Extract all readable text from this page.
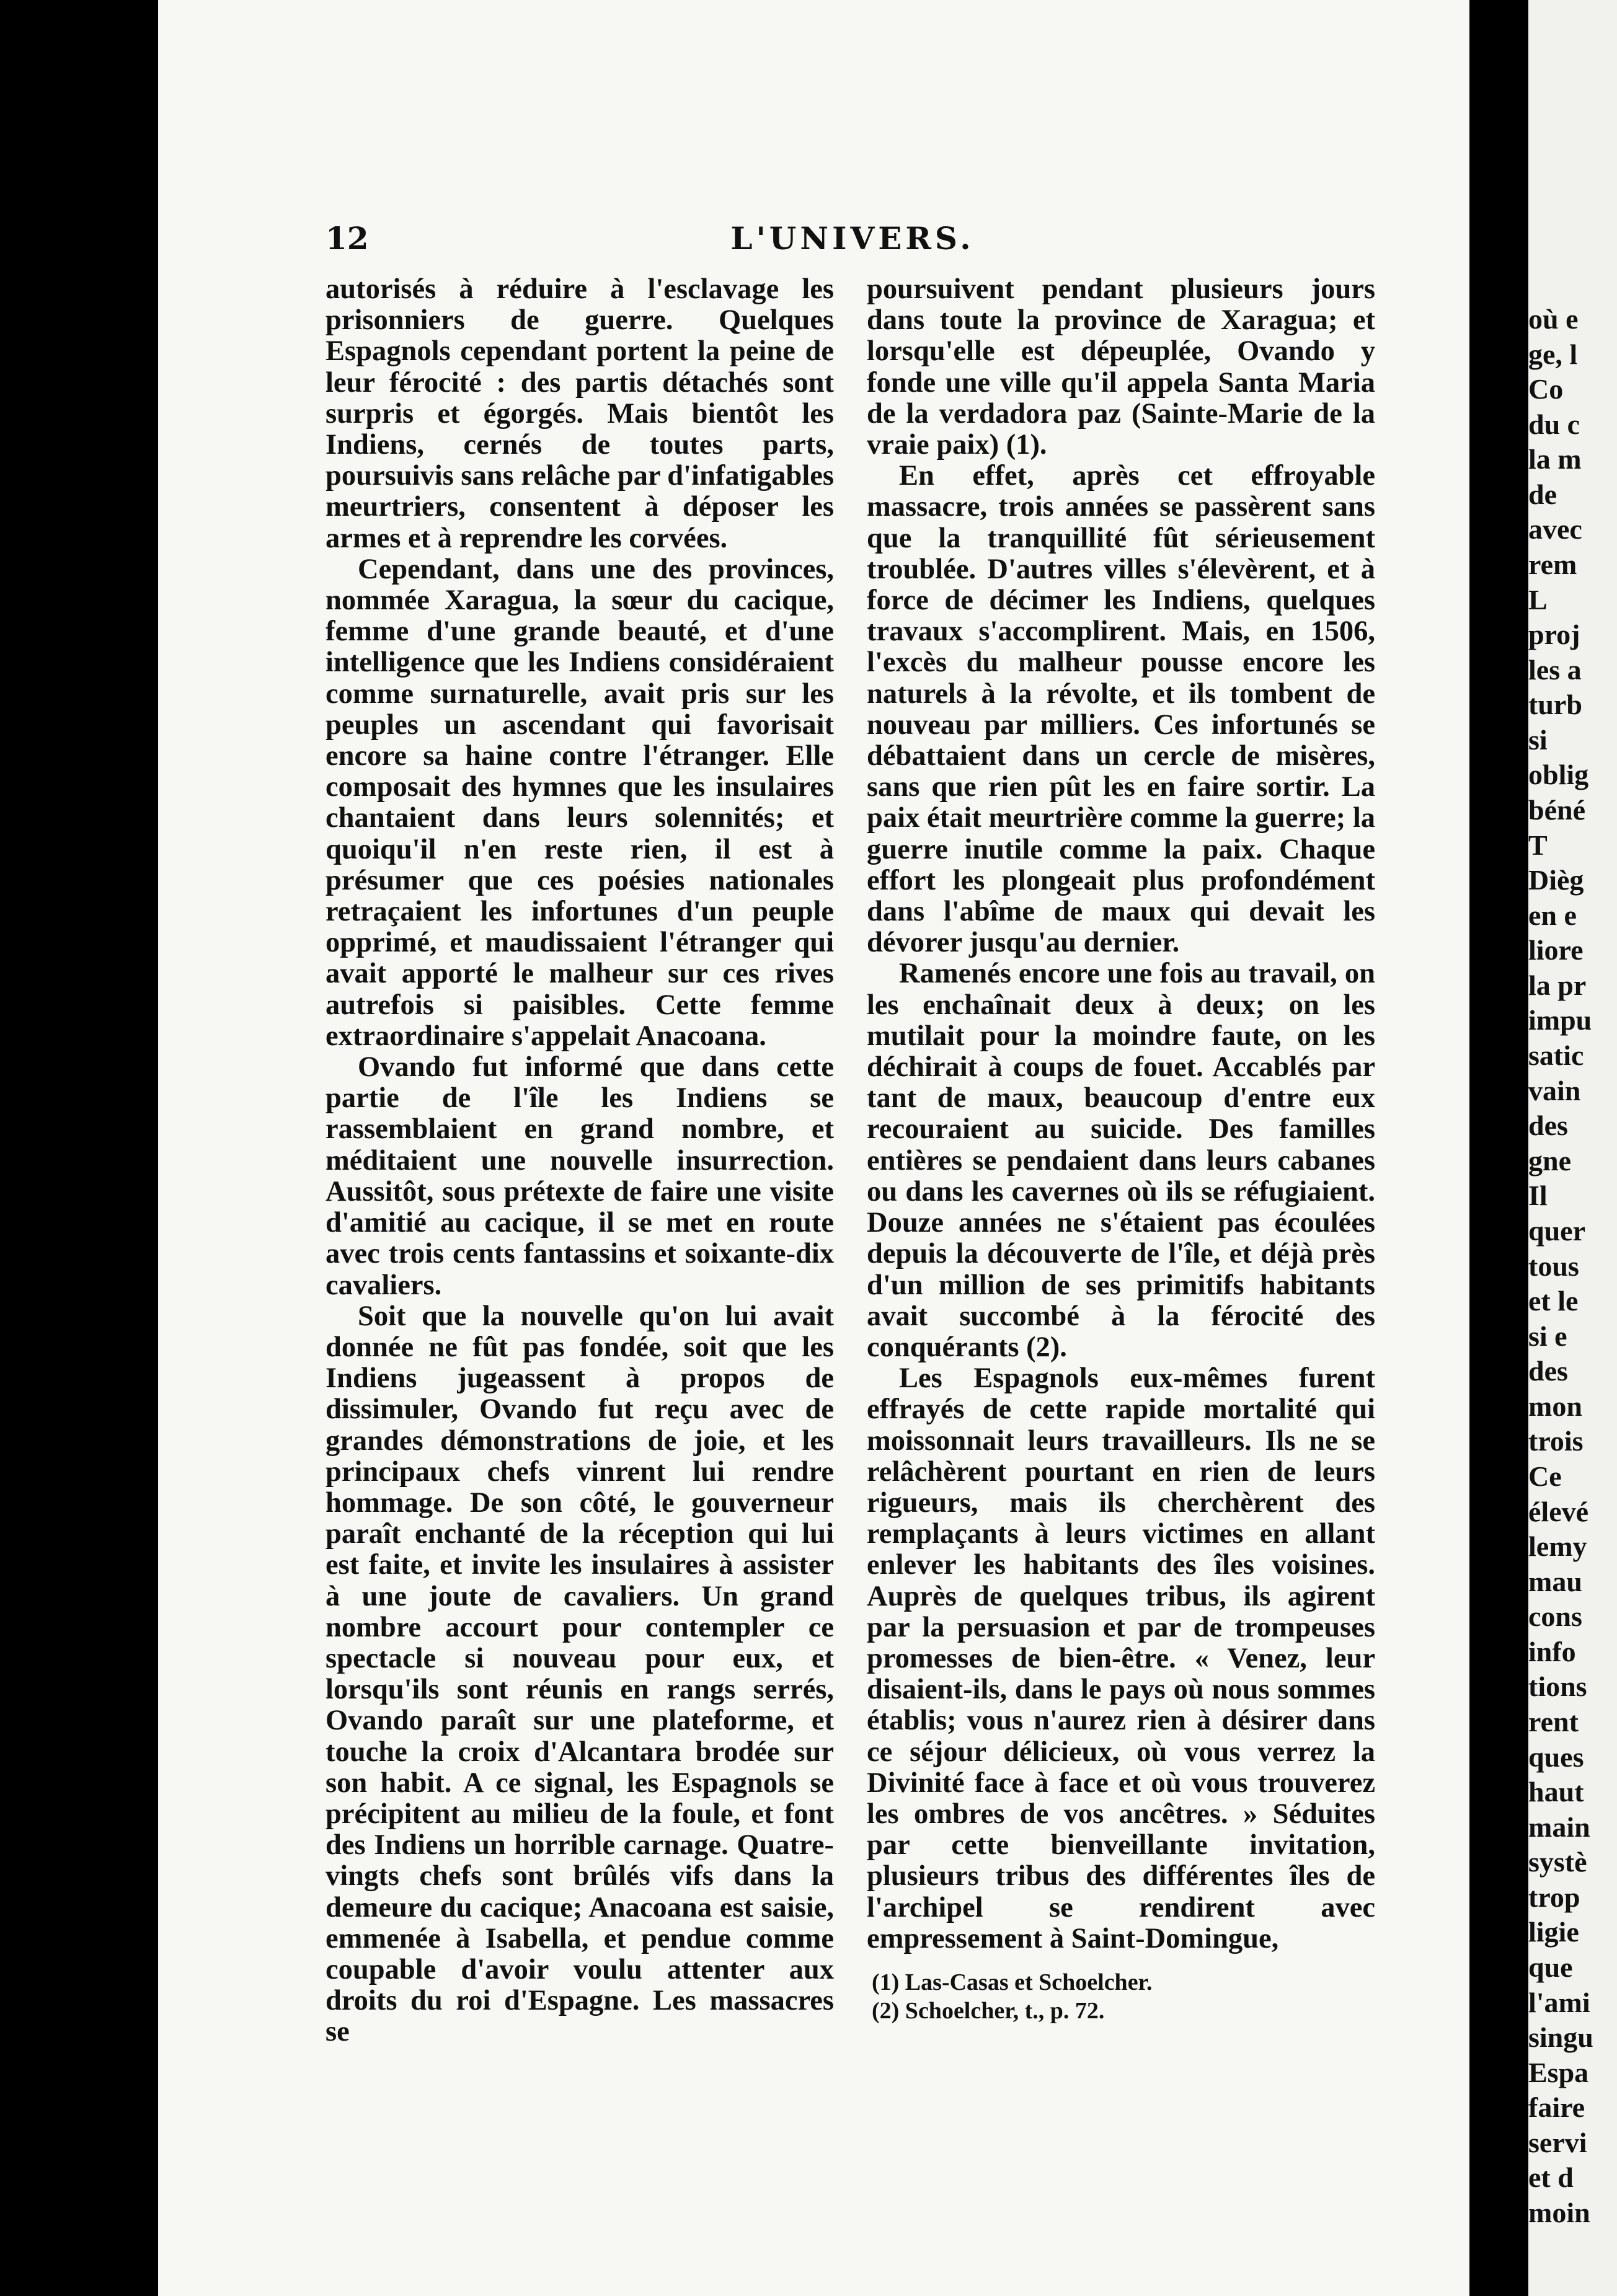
12	L'UNIVERS.

autorisés à réduire à l'esclavage les prisonniers de guerre. Quelques Espagnols cependant portent la peine de leur férocité : des partis détachés sont surpris et égorgés. Mais bientôt les Indiens, cernés de toutes parts, poursuivis sans relâche par d'infatigables meurtriers, consentent à déposer les armes et à reprendre les corvées.

Cependant, dans une des provinces, nommée Xaragua, la sœur du cacique, femme d'une grande beauté, et d'une intelligence que les Indiens considéraient comme surnaturelle, avait pris sur les peuples un ascendant qui favorisait encore sa haine contre l'étranger. Elle composait des hymnes que les insulaires chantaient dans leurs solennités; et quoiqu'il n'en reste rien, il est à présumer que ces poésies nationales retraçaient les infortunes d'un peuple opprimé, et maudissaient l'étranger qui avait apporté le malheur sur ces rives autrefois si paisibles. Cette femme extraordinaire s'appelait Anacoana.

Ovando fut informé que dans cette partie de l'île les Indiens se rassemblaient en grand nombre, et méditaient une nouvelle insurrection. Aussitôt, sous prétexte de faire une visite d'amitié au cacique, il se met en route avec trois cents fantassins et soixante-dix cavaliers.

Soit que la nouvelle qu'on lui avait donnée ne fût pas fondée, soit que les Indiens jugeassent à propos de dissimuler, Ovando fut reçu avec de grandes démonstrations de joie, et les principaux chefs vinrent lui rendre hommage. De son côté, le gouverneur paraît enchanté de la réception qui lui est faite, et invite les insulaires à assister à une joute de cavaliers. Un grand nombre accourt pour contempler ce spectacle si nouveau pour eux, et lorsqu'ils sont réunis en rangs serrés, Ovando paraît sur une plateforme, et touche la croix d'Alcantara brodée sur son habit. A ce signal, les Espagnols se précipitent au milieu de la foule, et font des Indiens un horrible carnage. Quatre-vingts chefs sont brûlés vifs dans la demeure du cacique; Anacoana est saisie, emmenée à Isabella, et pendue comme coupable d'avoir voulu attenter aux droits du roi d'Espagne. Les massacres se

poursuivent pendant plusieurs jours dans toute la province de Xaragua; et lorsqu'elle est dépeuplée, Ovando y fonde une ville qu'il appela Santa Maria de la verdadora paz (Sainte-Marie de la vraie paix) (1).

En effet, après cet effroyable massacre, trois années se passèrent sans que la tranquillité fût sérieusement troublée. D'autres villes s'élevèrent, et à force de décimer les Indiens, quelques travaux s'accomplirent. Mais, en 1506, l'excès du malheur pousse encore les naturels à la révolte, et ils tombent de nouveau par milliers. Ces infortunés se débattaient dans un cercle de misères, sans que rien pût les en faire sortir. La paix était meurtrière comme la guerre; la guerre inutile comme la paix. Chaque effort les plongeait plus profondément dans l'abîme de maux qui devait les dévorer jusqu'au dernier.

Ramenés encore une fois au travail, on les enchaînait deux à deux; on les mutilait pour la moindre faute, on les déchirait à coups de fouet. Accablés par tant de maux, beaucoup d'entre eux recouraient au suicide. Des familles entières se pendaient dans leurs cabanes ou dans les cavernes où ils se réfugiaient. Douze années ne s'étaient pas écoulées depuis la découverte de l'île, et déjà près d'un million de ses primitifs habitants avait succombé à la férocité des conquérants (2).

Les Espagnols eux-mêmes furent effrayés de cette rapide mortalité qui moissonnait leurs travailleurs. Ils ne se relâchèrent pourtant en rien de leurs rigueurs, mais ils cherchèrent des remplaçants à leurs victimes en allant enlever les habitants des îles voisines. Auprès de quelques tribus, ils agirent par la persuasion et par de trompeuses promesses de bien-être. « Venez, leur disaient-ils, dans le pays où nous sommes établis; vous n'aurez rien à désirer dans ce séjour délicieux, où vous verrez la Divinité face à face et où vous trouverez les ombres de vos ancêtres. » Séduites par cette bienveillante invitation, plusieurs tribus des différentes îles de l'archipel se rendirent avec empressement à Saint-Domingue,

(1) Las-Casas et Schoelcher.
(2) Schoelcher, t., p. 72.
où e
ge, l
Co
du c
la m
de
avec
rem
L
proj
les a
turb
si
oblig
béné
T
Dièg
en e
liore
la pr
impu
satic
vain
des
gne
Il
quer
tous
et le
si e
des
mon
trois
Ce
élevé
lemy
mau
cons
info
tions
rent
ques
haut
main
systè
trop
ligie
que
l'ami
singu
Espa
faire
servi
et d
moin
